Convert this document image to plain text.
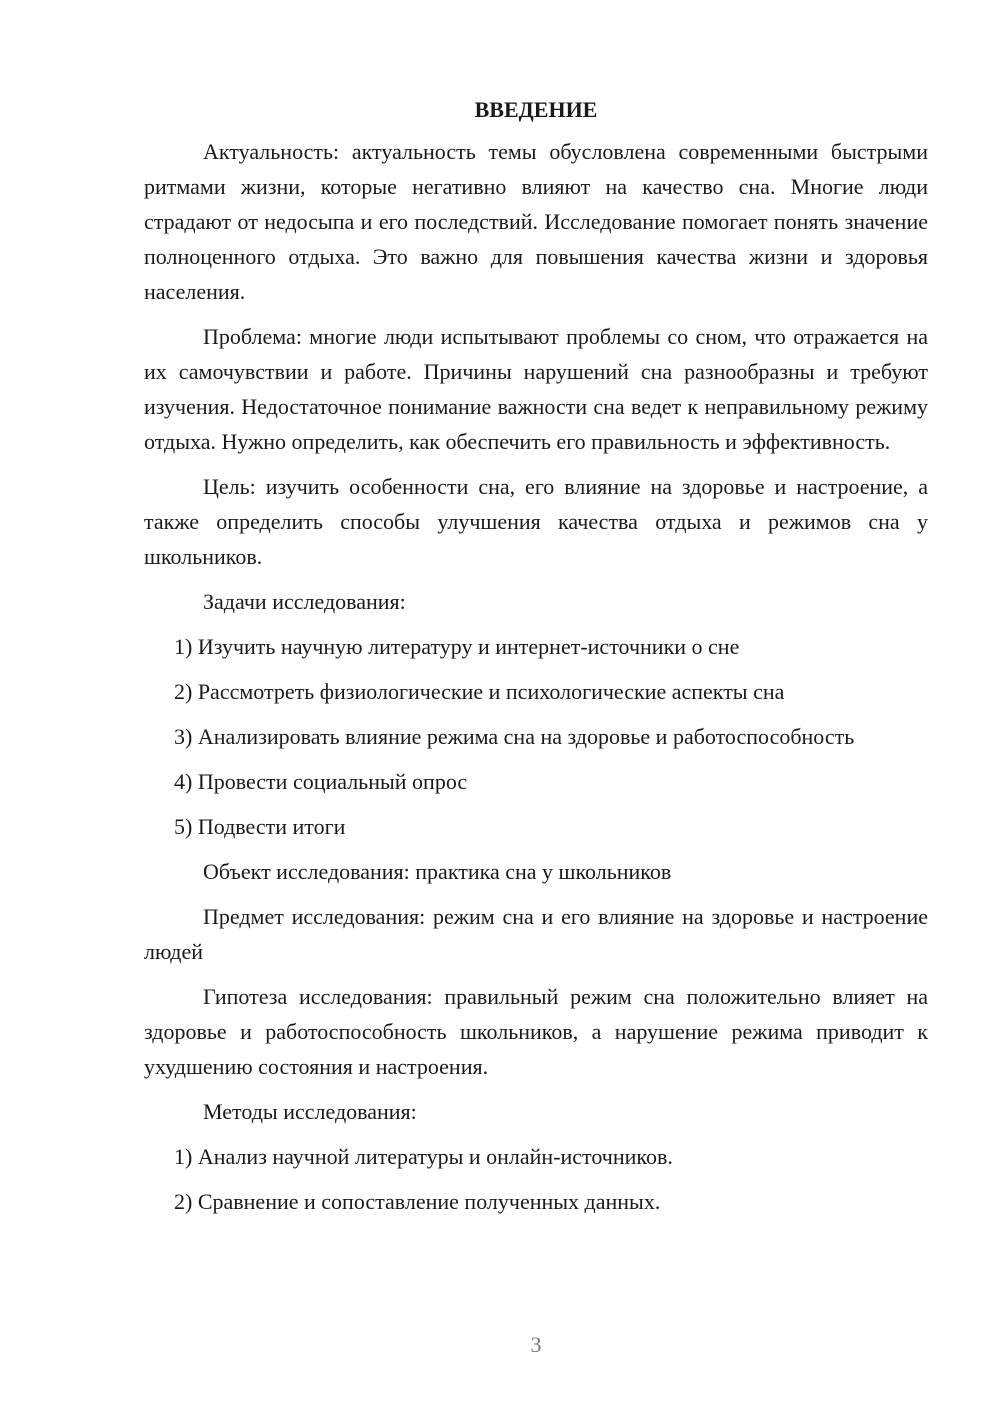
ВВЕДЕНИЕ

Актуальность: актуальность темы обусловлена современными быстрыми ритмами жизни, которые негативно влияют на качество сна. Многие люди страдают от недосыпа и его последствий. Исследование помогает понять значение полноценного отдыха. Это важно для повышения качества жизни и здоровья населения.

Проблема: многие люди испытывают проблемы со сном, что отражается на их самочувствии и работе. Причины нарушений сна разнообразны и требуют изучения. Недостаточное понимание важности сна ведет к неправильному режиму отдыха. Нужно определить, как обеспечить его правильность и эффективность.

Цель: изучить особенности сна, его влияние на здоровье и настроение, а также определить способы улучшения качества отдыха и режимов сна у школьников.

Задачи исследования:

1) Изучить научную литературу и интернет-источники о сне

2) Рассмотреть физиологические и психологические аспекты сна

3) Анализировать влияние режима сна на здоровье и работоспособность

4) Провести социальный опрос

5) Подвести итоги

Объект исследования: практика сна у школьников

Предмет исследования: режим сна и его влияние на здоровье и настроение людей

Гипотеза исследования: правильный режим сна положительно влияет на здоровье и работоспособность школьников, а нарушение режима приводит к ухудшению состояния и настроения.

Методы исследования:

1) Анализ научной литературы и онлайн-источников.

2) Сравнение и сопоставление полученных данных.

3
